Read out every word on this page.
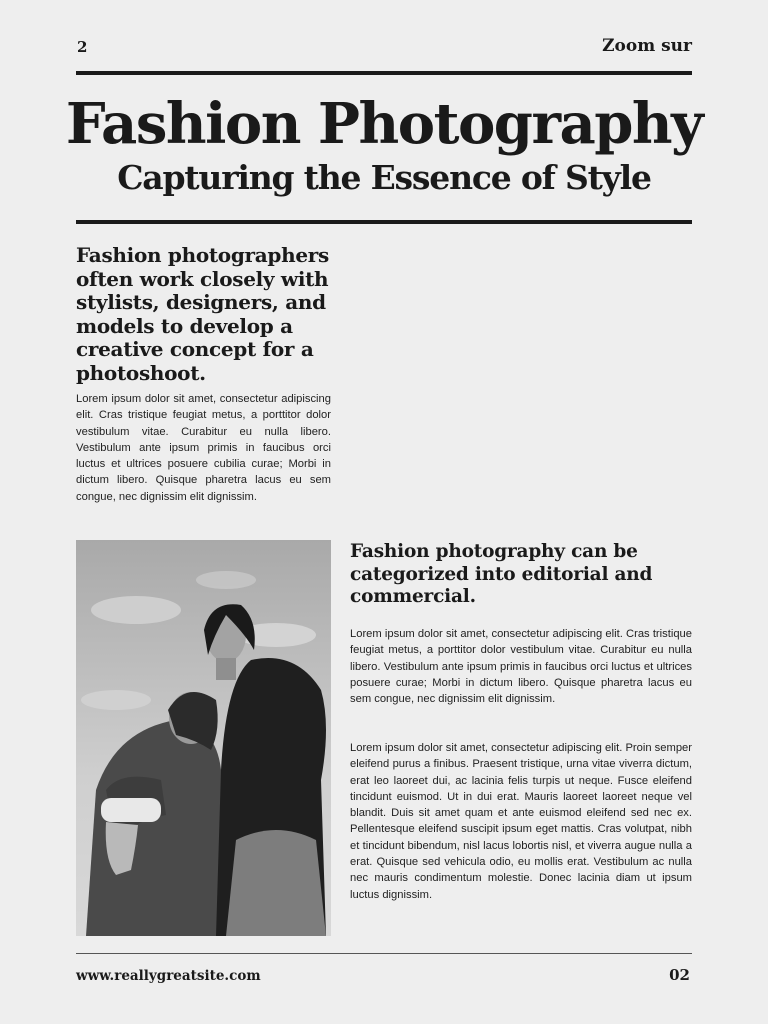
2	Zoom sur
Fashion Photography
Capturing the Essence of Style
Fashion photographers often work closely with stylists, designers, and models to develop a creative concept for a photoshoot.
Lorem ipsum dolor sit amet, consectetur adipiscing elit. Cras tristique feugiat metus, a porttitor dolor vestibulum vitae. Curabitur eu nulla libero. Vestibulum ante ipsum primis in faucibus orci luctus et ultrices posuere cubilia curae; Morbi in dictum libero. Quisque pharetra lacus eu sem congue, nec dignissim elit dignissim.
Fashion photography can be categorized into editorial and commercial.
Lorem ipsum dolor sit amet, consectetur adipiscing elit. Cras tristique feugiat metus, a porttitor dolor vestibulum vitae. Curabitur eu nulla libero. Vestibulum ante ipsum primis in faucibus orci luctus et ultrices posuere curae; Morbi in dictum libero. Quisque pharetra lacus eu sem congue, nec dignissim elit dignissim.
Lorem ipsum dolor sit amet, consectetur adipiscing elit. Proin semper eleifend purus a finibus. Praesent tristique, urna vitae viverra dictum, erat leo laoreet dui, ac lacinia felis turpis ut neque. Fusce eleifend tincidunt euismod. Ut in dui erat. Mauris laoreet laoreet neque vel blandit. Duis sit amet quam et ante euismod eleifend sed nec ex. Pellentesque eleifend suscipit ipsum eget mattis. Cras volutpat, nibh et tincidunt bibendum, nisl lacus lobortis nisl, et viverra augue nulla a erat. Quisque sed vehicula odio, eu mollis erat. Vestibulum ac nulla nec mauris condimentum molestie. Donec lacinia diam ut ipsum luctus dignissim.
www.reallygreatsite.com	02
